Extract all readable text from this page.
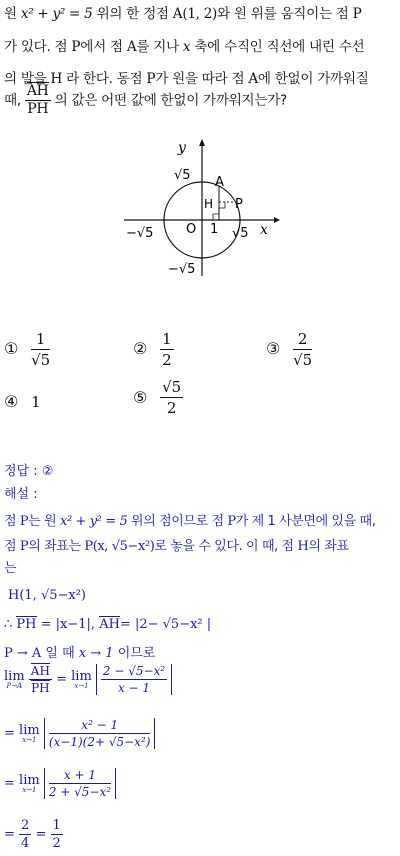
원 x² + y² = 5 위의 한 정점 A(1, 2)와 원 위를 움직이는 점 P
가 있다. 점 P에서 점 A를 지나 x 축에 수직인 직선에 내린 수선
의 발을 H 라 한다. 동점 P가 원을 따라 점 A에 한없이 가까워질
때, $\frac{AH}{PH}$ 의 값은 어떤 값에 한없이 가까워지는가?
y
x
√5
−√5
−√5	√5
O 1
A
H P
① $\frac{1}{√5}$	② $\frac{1}{2}$	③ $\frac{2}{√5}$
④ 1	⑤ $\frac{√5}{2}$
정답 : ②
해설 :
점 P는 원 x² + y² = 5 위의 점이므로 점 P가 제 1 사분면에 있을 때,
점 P의 좌표는 P(x, √5−x²)로 놓을 수 있다. 이 때, 점 H의 좌표
는
H(1, √5−x²)
∴ PH = |x−1|, AH= |2− √5−x² |
P → A 일 때 x → 1 이므로
lim
P→A
$\frac{AH}{PH} = \lim$
x→1
$\frac{\text{2 − √5−x²}}{x - 1}$
= lim
x→1
$\frac{\text{x² − 1}}{\text{(x−1)(2+ √5−x²)}}$
= lim
x→1
$\frac{x + 1}{\text{2 + √5−x²}}$
= $\frac{2}{4} = \frac{1}{2}$
